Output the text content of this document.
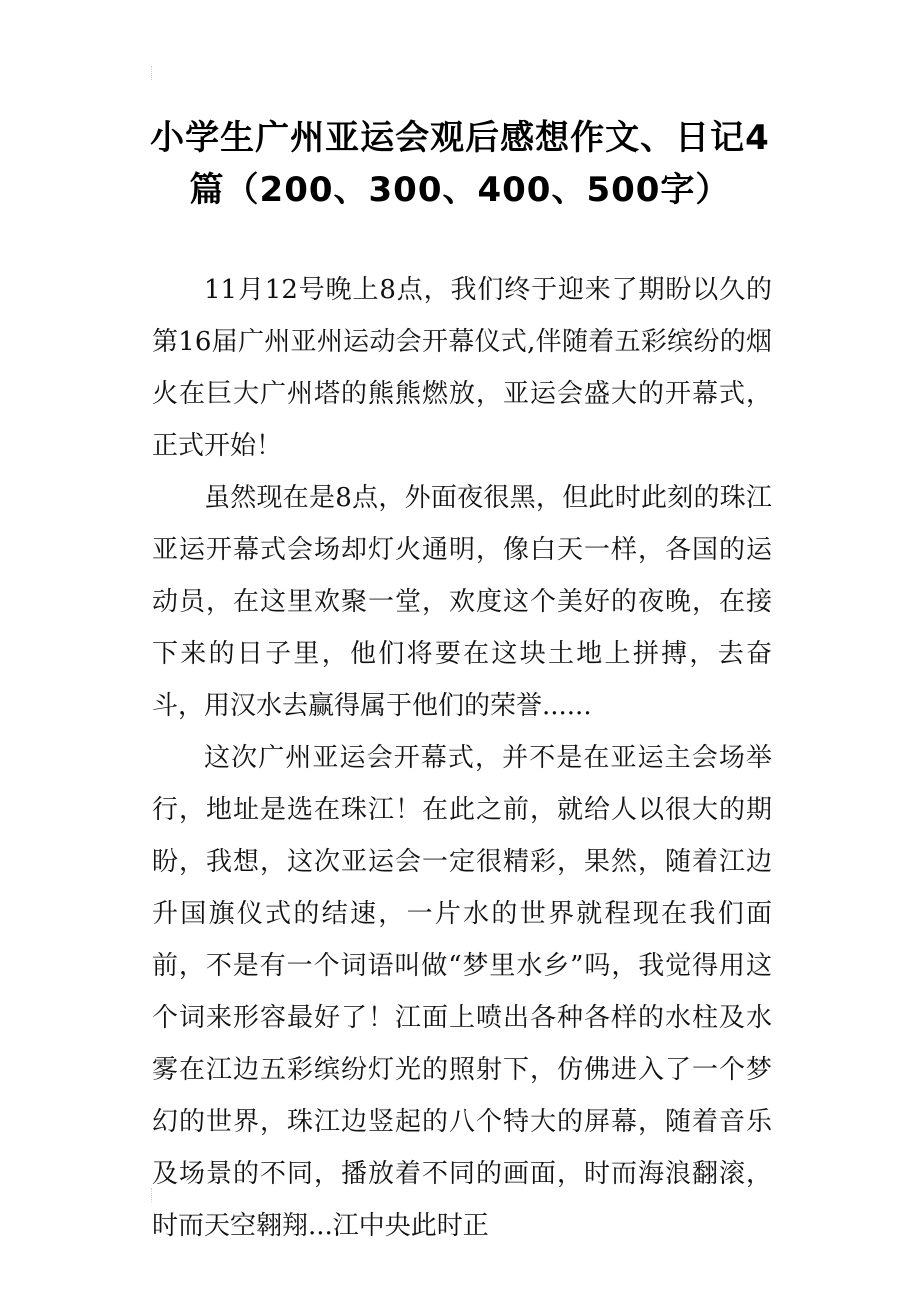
小学生广州亚运会观后感想作文、日记4篇（200、300、400、500字）

11月12号晚上8点，我们终于迎来了期盼以久的第16届广州亚州运动会开幕仪式,伴随着五彩缤纷的烟火在巨大广州塔的熊熊燃放，亚运会盛大的开幕式，正式开始！

虽然现在是8点，外面夜很黑，但此时此刻的珠江亚运开幕式会场却灯火通明，像白天一样，各国的运动员，在这里欢聚一堂，欢度这个美好的夜晚，在接下来的日子里，他们将要在这块土地上拼搏，去奋斗，用汉水去赢得属于他们的荣誉......

这次广州亚运会开幕式，并不是在亚运主会场举行，地址是选在珠江！在此之前，就给人以很大的期盼，我想，这次亚运会一定很精彩，果然，随着江边升国旗仪式的结速，一片水的世界就程现在我们面前，不是有一个词语叫做“梦里水乡”吗，我觉得用这个词来形容最好了！江面上喷出各种各样的水柱及水雾在江边五彩缤纷灯光的照射下，仿佛进入了一个梦幻的世界，珠江边竖起的八个特大的屏幕，随着音乐及场景的不同，播放着不同的画面，时而海浪翻滚，时而天空翱翔...江中央此时正
